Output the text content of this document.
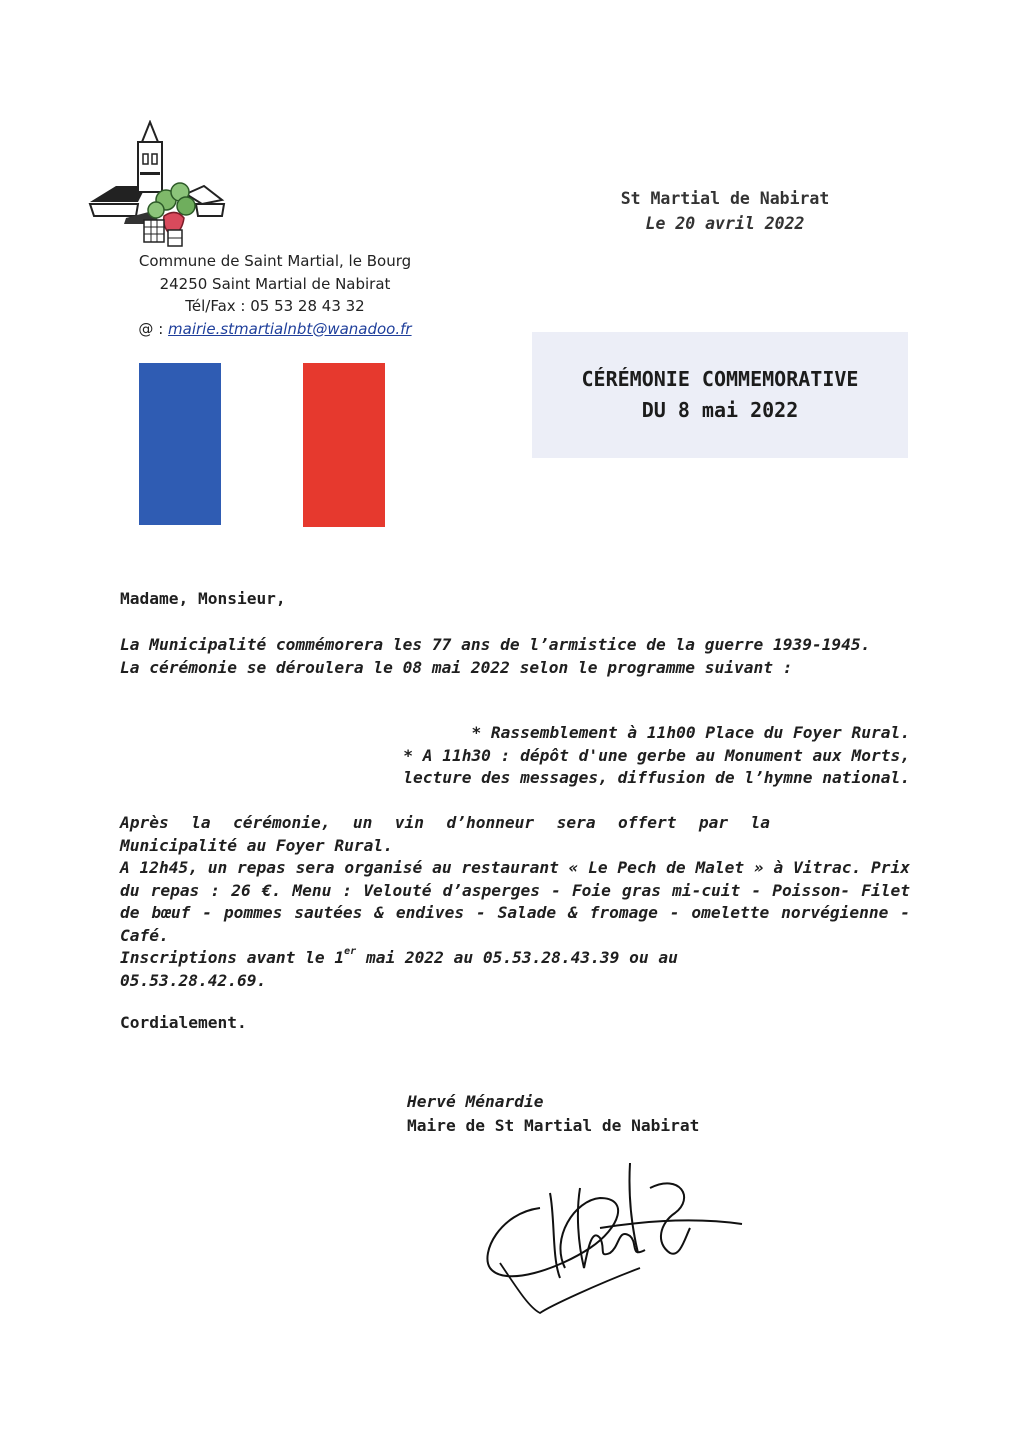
Commune de Saint Martial, le Bourg
24250 Saint Martial de Nabirat
Tél/Fax : 05 53 28 43 32
@ : mairie.stmartialnbt@wanadoo.fr
St Martial de Nabirat
Le 20 avril 2022
CÉRÉMONIE COMMEMORATIVE
DU 8 mai 2022
Madame, Monsieur,
La Municipalité commémorera les 77 ans de l’armistice de la guerre 1939-1945.
La cérémonie se déroulera le 08 mai 2022 selon le programme suivant :
* Rassemblement à 11h00 Place du Foyer Rural.
* A 11h30 : dépôt d'une gerbe au Monument aux Morts,
lecture des messages, diffusion de l’hymne national.
Après la cérémonie, un vin d’honneur sera offert par la Municipalité au Foyer Rural.
A 12h45, un repas sera organisé au restaurant « Le Pech de Malet » à Vitrac. Prix du repas : 26 €. Menu : Velouté d’asperges - Foie gras mi-cuit - Poisson- Filet de bœuf - pommes sautées & endives - Salade & fromage - omelette norvégienne - Café.
Inscriptions avant le 1er mai 2022 au 05.53.28.43.39 ou au 05.53.28.42.69.
Cordialement.
Hervé Ménardie
Maire de St Martial de Nabirat
